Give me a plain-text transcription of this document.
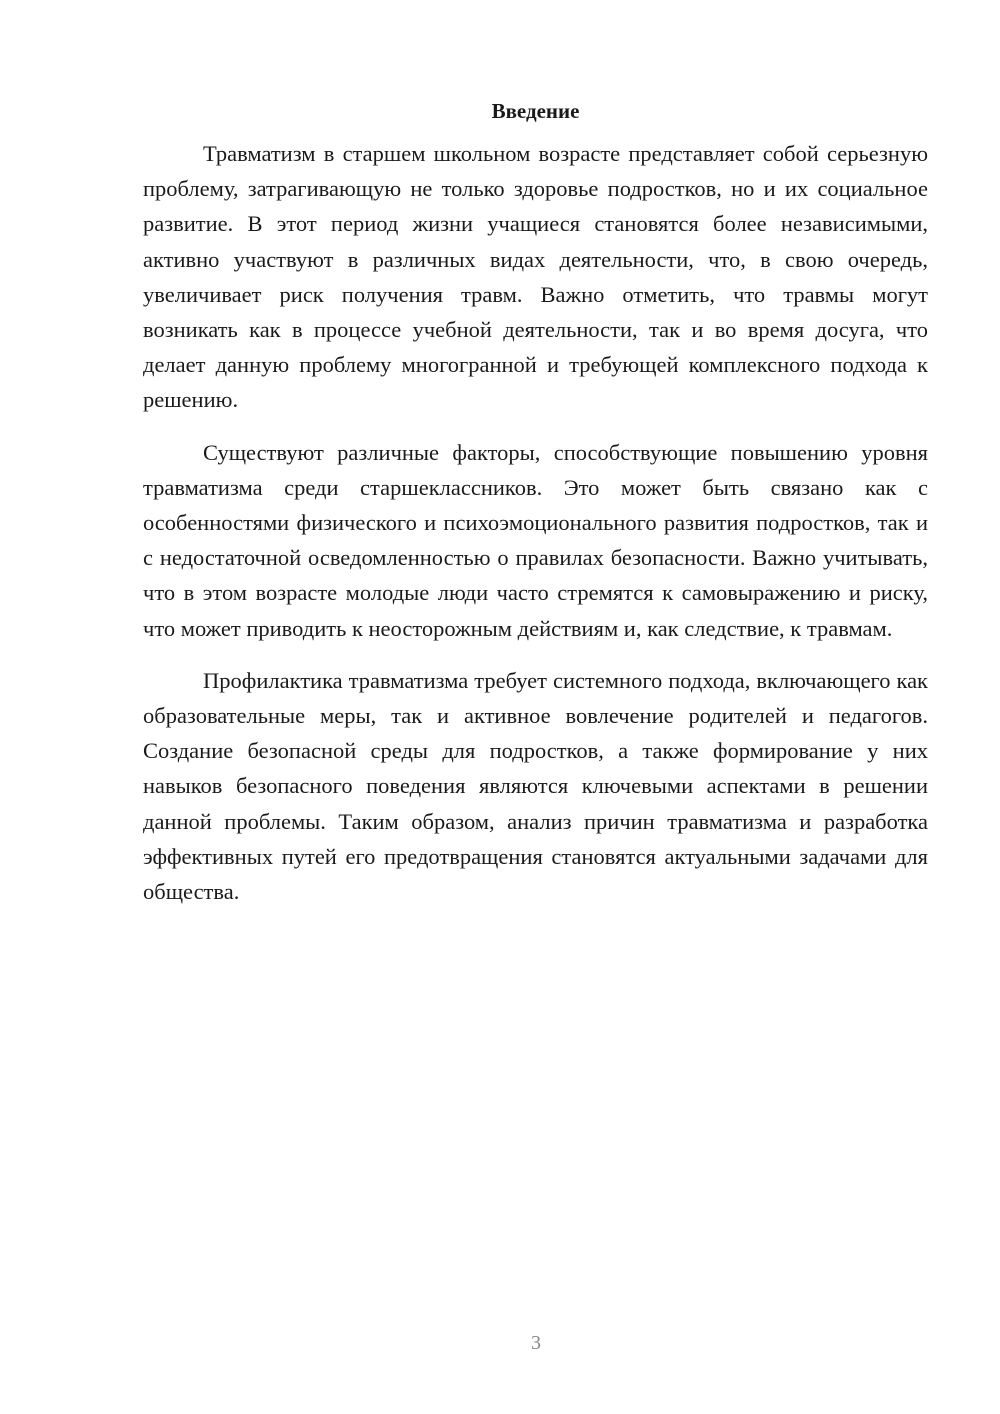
Введение

Травматизм в старшем школьном возрасте представляет собой серьезную проблему, затрагивающую не только здоровье подростков, но и их социальное развитие. В этот период жизни учащиеся становятся более независимыми, активно участвуют в различных видах деятельности, что, в свою очередь, увеличивает риск получения травм. Важно отметить, что травмы могут возникать как в процессе учебной деятельности, так и во время досуга, что делает данную проблему многогранной и требующей комплексного подхода к решению.

Существуют различные факторы, способствующие повышению уровня травматизма среди старшеклассников. Это может быть связано как с особенностями физического и психоэмоционального развития подростков, так и с недостаточной осведомленностью о правилах безопасности. Важно учитывать, что в этом возрасте молодые люди часто стремятся к самовыражению и риску, что может приводить к неосторожным действиям и, как следствие, к травмам.

Профилактика травматизма требует системного подхода, включающего как образовательные меры, так и активное вовлечение родителей и педагогов. Создание безопасной среды для подростков, а также формирование у них навыков безопасного поведения являются ключевыми аспектами в решении данной проблемы. Таким образом, анализ причин травматизма и разработка эффективных путей его предотвращения становятся актуальными задачами для общества.

3
